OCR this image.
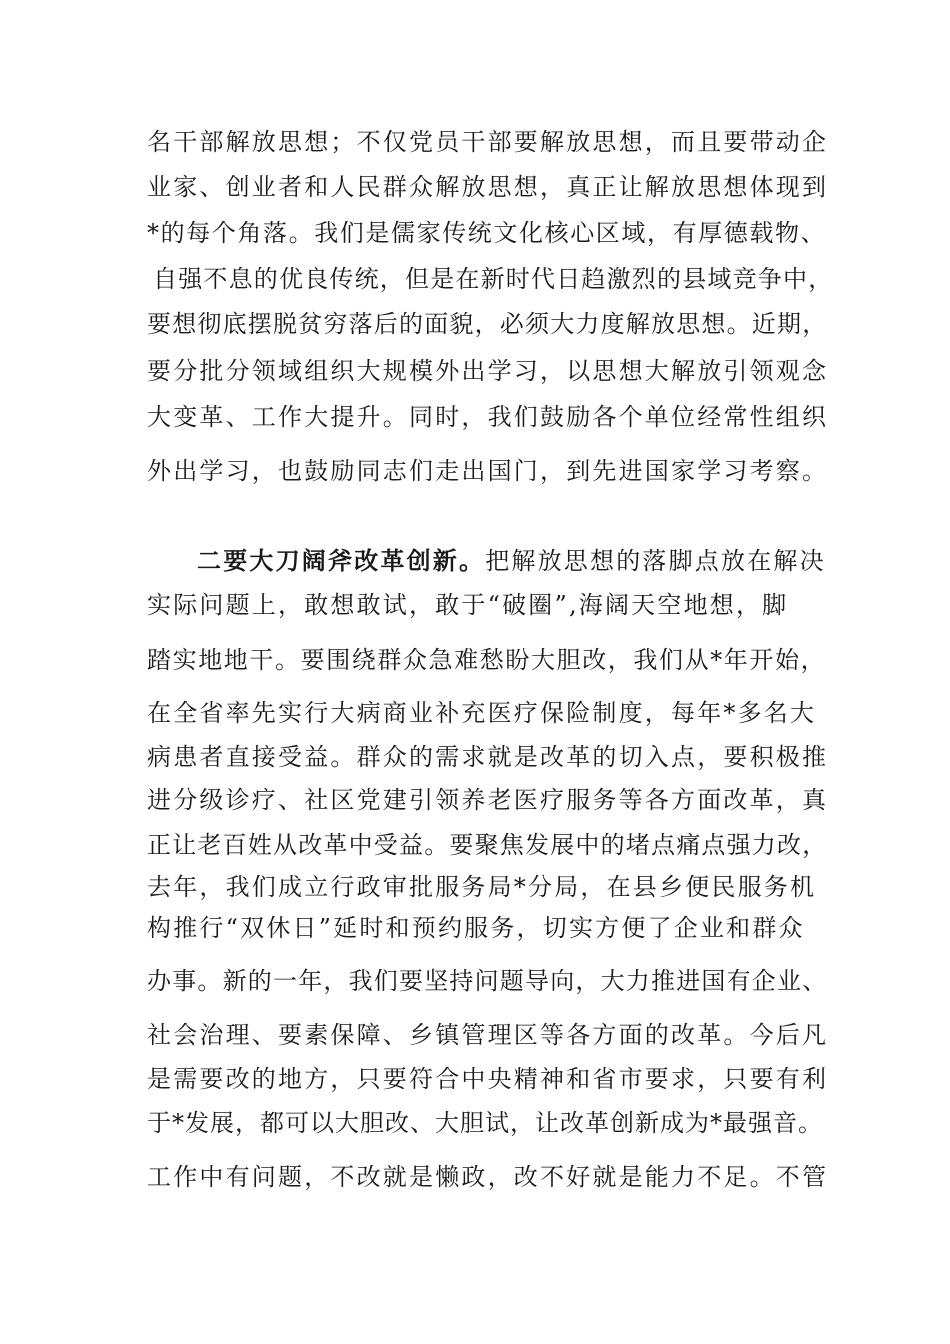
名干部解放思想；不仅党员干部要解放思想，而且要带动企
业家、创业者和人民群众解放思想，真正让解放思想体现到
*的每个角落。我们是儒家传统文化核心区域，有厚德载物、
自强不息的优良传统，但是在新时代日趋激烈的县域竞争中，
要想彻底摆脱贫穷落后的面貌，必须大力度解放思想。近期，
要分批分领域组织大规模外出学习，以思想大解放引领观念
大变革、工作大提升。同时，我们鼓励各个单位经常性组织
外出学习，也鼓励同志们走出国门，到先进国家学习考察。
二要大刀阔斧改革创新。把解放思想的落脚点放在解决
实际问题上，敢想敢试，敢于“破圈”,海阔天空地想，脚
踏实地地干。要围绕群众急难愁盼大胆改，我们从*年开始，
在全省率先实行大病商业补充医疗保险制度，每年*多名大
病患者直接受益。群众的需求就是改革的切入点，要积极推
进分级诊疗、社区党建引领养老医疗服务等各方面改革，真
正让老百姓从改革中受益。要聚焦发展中的堵点痛点强力改，
去年，我们成立行政审批服务局*分局，在县乡便民服务机
构推行“双休日”延时和预约服务，切实方便了企业和群众
办事。新的一年，我们要坚持问题导向，大力推进国有企业、
社会治理、要素保障、乡镇管理区等各方面的改革。今后凡
是需要改的地方，只要符合中央精神和省市要求，只要有利
于*发展，都可以大胆改、大胆试，让改革创新成为*最强音。
工作中有问题，不改就是懒政，改不好就是能力不足。不管
